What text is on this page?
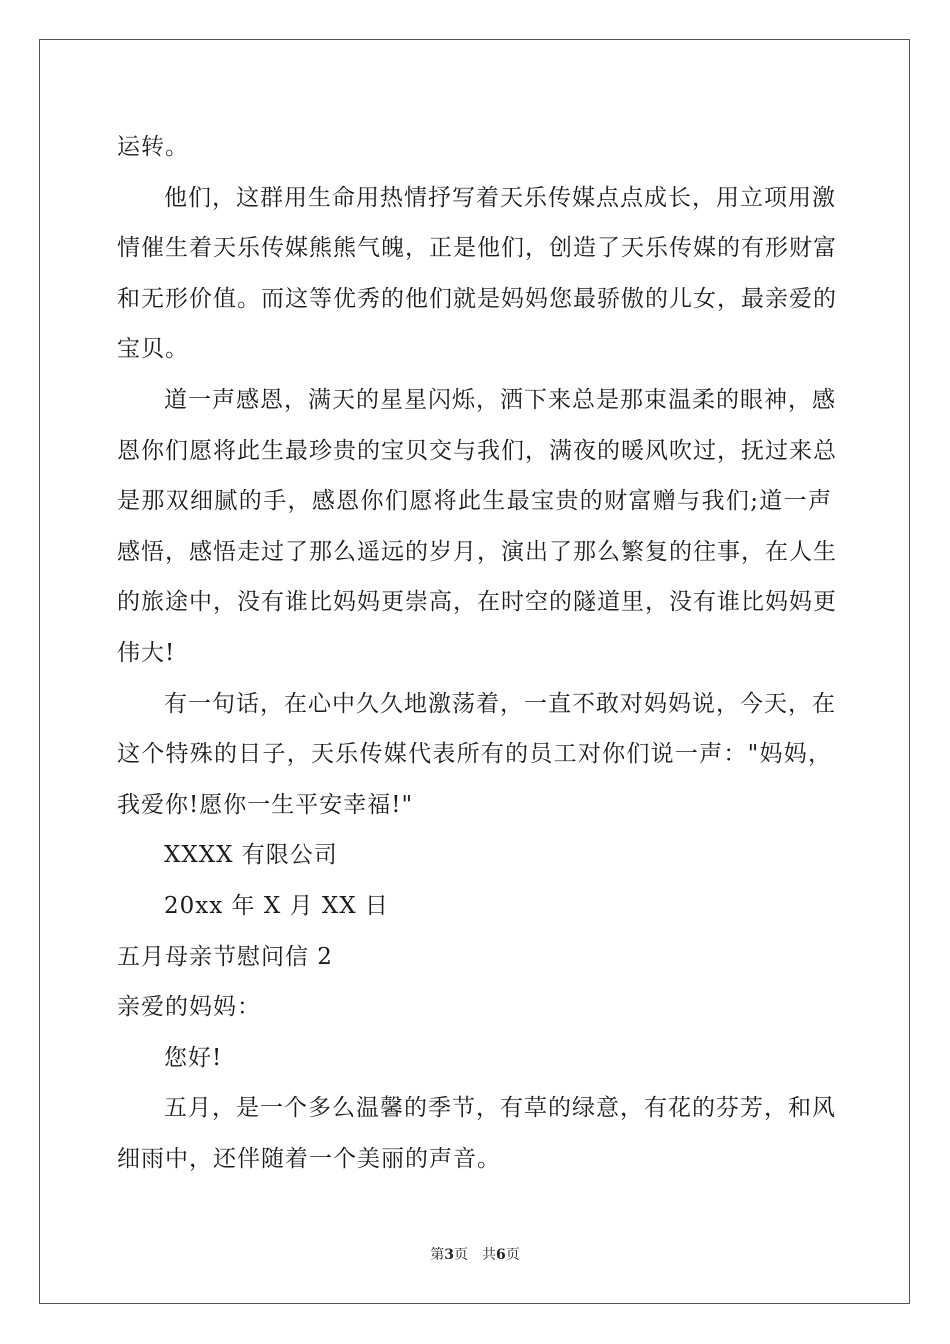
运转。
他们，这群用生命用热情抒写着天乐传媒点点成长，用立项用激
情催生着天乐传媒熊熊气魄，正是他们，创造了天乐传媒的有形财富
和无形价值。而这等优秀的他们就是妈妈您最骄傲的儿女，最亲爱的
宝贝。
道一声感恩，满天的星星闪烁，洒下来总是那束温柔的眼神，感
恩你们愿将此生最珍贵的宝贝交与我们，满夜的暖风吹过，抚过来总
是那双细腻的手，感恩你们愿将此生最宝贵的财富赠与我们;道一声
感悟，感悟走过了那么遥远的岁月，演出了那么繁复的往事，在人生
的旅途中，没有谁比妈妈更崇高，在时空的隧道里，没有谁比妈妈更
伟大!
有一句话，在心中久久地激荡着，一直不敢对妈妈说，今天，在
这个特殊的日子，天乐传媒代表所有的员工对你们说一声："妈妈，
我爱你!愿你一生平安幸福!"
XXXX 有限公司
20xx 年 X 月 XX 日
五月母亲节慰问信 2
亲爱的妈妈：
您好!
五月，是一个多么温馨的季节，有草的绿意，有花的芬芳，和风
细雨中，还伴随着一个美丽的声音。
第3页 共6页
